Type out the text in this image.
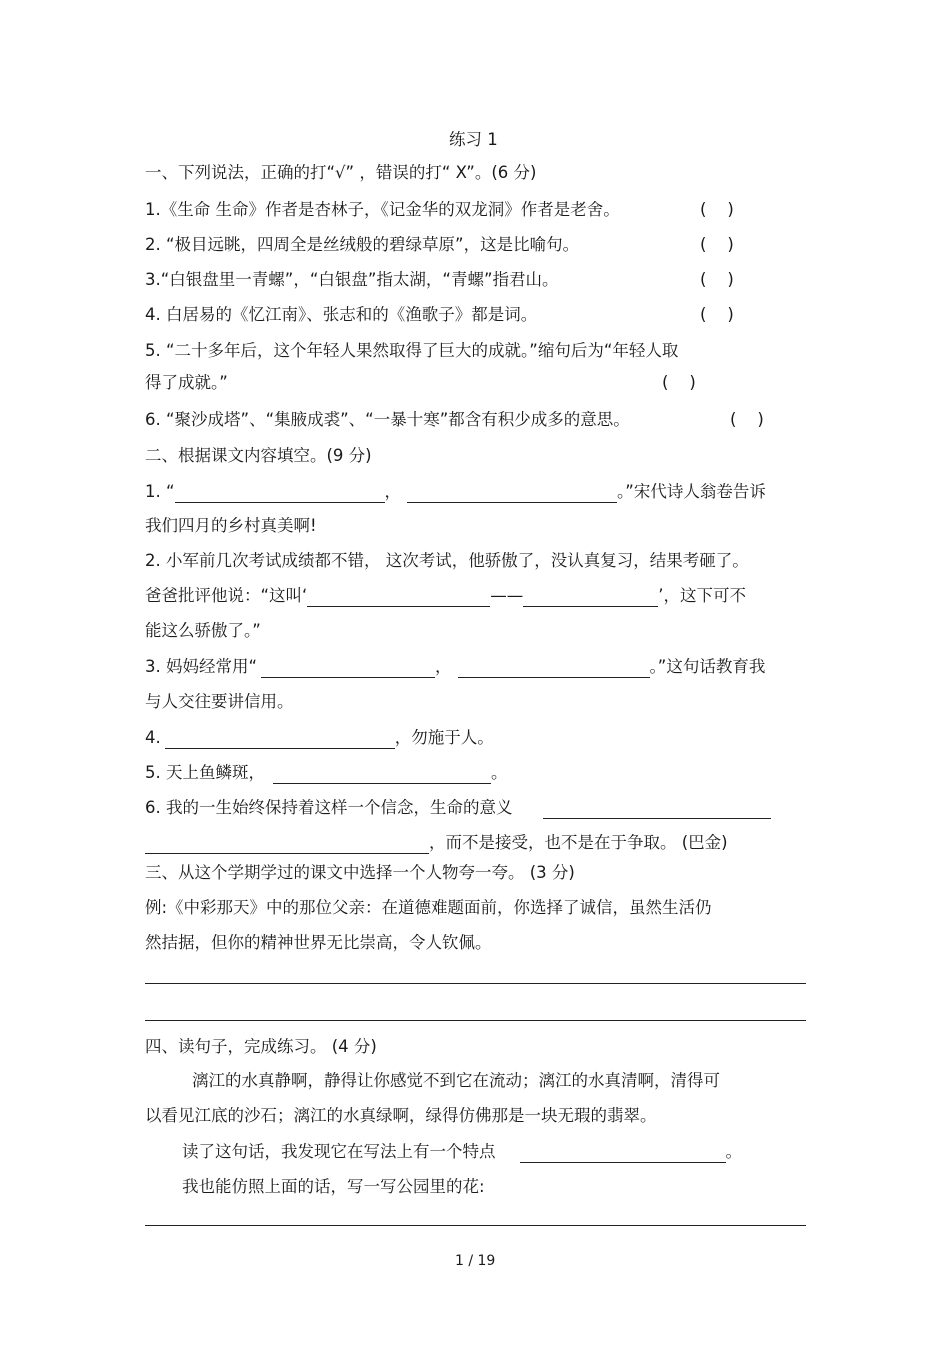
练习 1
一、下列说法，正确的打“√” ，错误的打“ X”。(6 分)
1.《生命 生命》作者是杏林子，《记金华的双龙洞》作者是老舍。	(    )
2. “极目远眺，四周全是丝绒般的碧绿草原”，这是比喻句。	(    )
3.“白银盘里一青螺”，“白银盘”指太湖，“青螺”指君山。	(    )
4. 白居易的《忆江南》、张志和的《渔歌子》都是词。	(    )
5. “二十多年后，这个年轻人果然取得了巨大的成就。”缩句后为“年轻人取
得了成就。”	(    )
6. “聚沙成塔”、“集腋成裘”、“一暴十寒”都含有积少成多的意思。	(    )
二、根据课文内容填空。(9 分)
1. “	，	。”宋代诗人翁卷告诉
我们四月的乡村真美啊!
2. 小军前几次考试成绩都不错， 这次考试，他骄傲了，没认真复习，结果考砸了。
爸爸批评他说：“这叫‘	——	’，这下可不
能这么骄傲了。”
3. 妈妈经常用“	，	。”这句话教育我
与人交往要讲信用。
4.	，勿施于人。
5. 天上鱼鳞斑，	。
6. 我的一生始终保持着这样一个信念，生命的意义
，而不是接受，也不是在于争取。 (巴金)
三、从这个学期学过的课文中选择一个人物夸一夸。 (3 分)
例:《中彩那天》中的那位父亲：在道德难题面前，你选择了诚信，虽然生活仍
然拮据，但你的精神世界无比崇高，令人钦佩。
四、读句子，完成练习。 (4 分)
漓江的水真静啊，静得让你感觉不到它在流动；漓江的水真清啊，清得可
以看见江底的沙石；漓江的水真绿啊，绿得仿佛那是一块无瑕的翡翠。
读了这句话，我发现它在写法上有一个特点	。
我也能仿照上面的话，写一写公园里的花:
1 / 19
